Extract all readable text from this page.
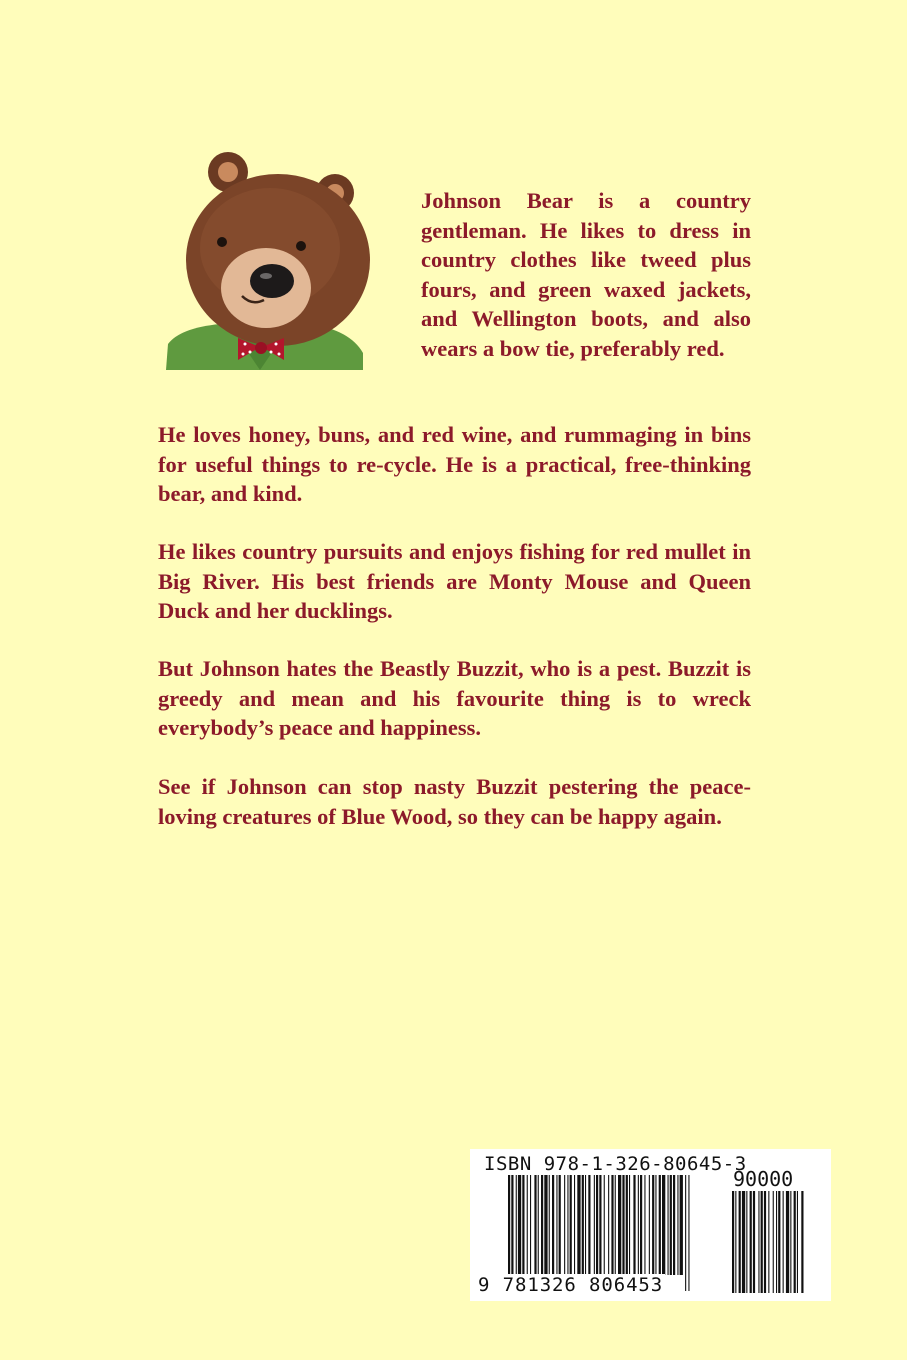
Johnson Bear is a country gentleman. He likes to dress in country clothes like tweed plus fours, and green waxed jackets, and Wellington boots, and also wears a bow tie, preferably red.

He loves honey, buns, and red wine, and rummaging in bins for useful things to re-cycle. He is a practical, free-thinking bear, and kind.

He likes country pursuits and enjoys fishing for red mullet in Big River. His best friends are Monty Mouse and Queen Duck and her ducklings.

But Johnson hates the Beastly Buzzit, who is a pest. Buzzit is greedy and mean and his favourite thing is to wreck everybody’s peace and happiness.

See if Johnson can stop nasty Buzzit pestering the peace-loving creatures of Blue Wood, so they can be happy again.

ISBN 978-1-326-80645-3
90000
9 781326 806453
